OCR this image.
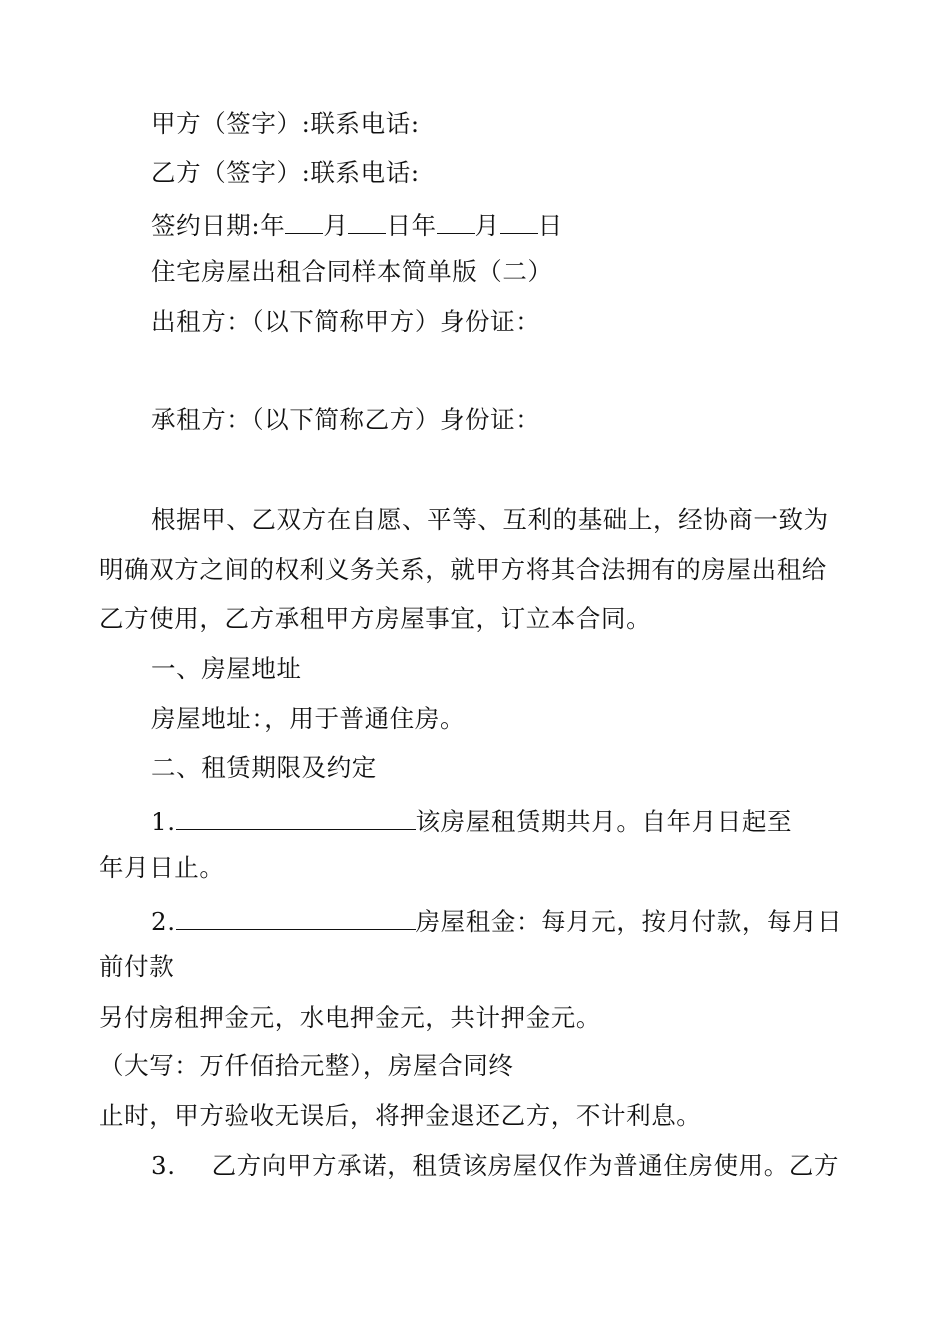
甲方（签字）:联系电话:
乙方（签字）:联系电话:
签约日期:年 月 日年 月 日
住宅房屋出租合同样本简单版（二）
出租方：（以下简称甲方）身份证：
承租方：（以下简称乙方）身份证：
根据甲、乙双方在自愿、平等、互利的基础上，经协商一致为
明确双方之间的权利义务关系，就甲方将其合法拥有的房屋出租给
乙方使用，乙方承租甲方房屋事宜，订立本合同。
一、房屋地址
房屋地址：，用于普通住房。
二、租赁期限及约定
1.	该房屋租赁期共月。自年月日起至
年月日止。
2.	房屋租金：每月元，按月付款，每月日
前付款
另付房租押金元，水电押金元，共计押金元。
（大写：万仟佰拾元整），房屋合同终
止时，甲方验收无误后，将押金退还乙方，不计利息。
3. 乙方向甲方承诺，租赁该房屋仅作为普通住房使用。乙方
